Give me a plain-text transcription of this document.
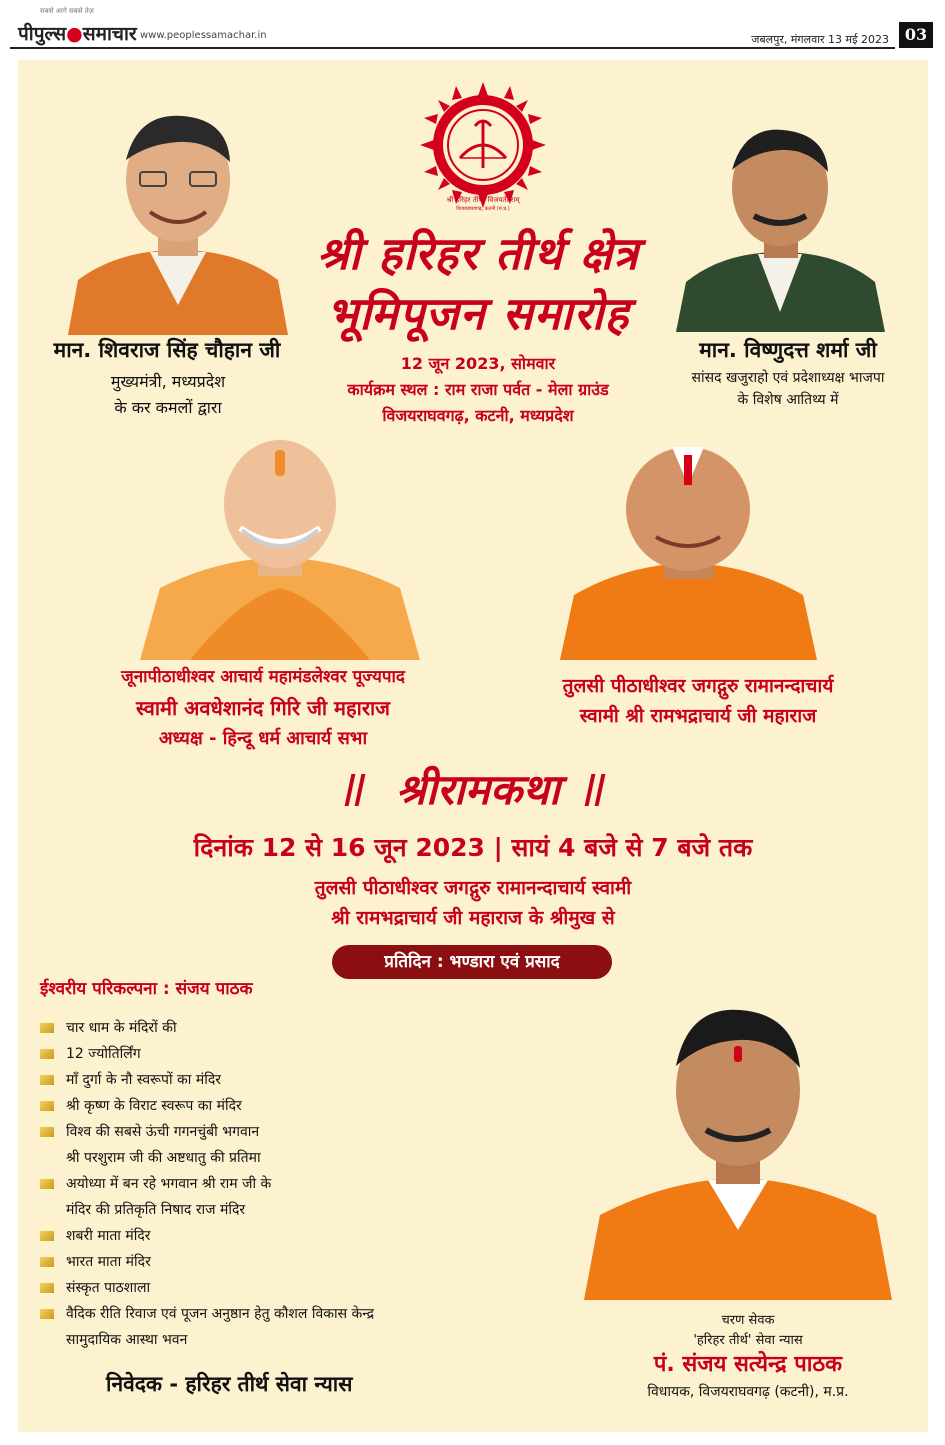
सबसे आगे सबसे तेज़
पीपुल्स●समाचार www.peoplessamachar.in	जबलपुर, मंगलवार 13 मई 2023 03
श्री हरिहर तीर्थ: विजयतेतराम्
विजयराघवगढ़, कटनी (म.प्र.)
श्री हरिहर तीर्थ क्षेत्र
भूमिपूजन समारोह
12 जून 2023, सोमवार
कार्यक्रम स्थल : राम राजा पर्वत - मेला ग्राउंड
विजयराघवगढ़, कटनी, मध्यप्रदेश
मान. शिवराज सिंह चौहान जी
मुख्यमंत्री, मध्यप्रदेश
के कर कमलों द्वारा
मान. विष्णुदत्त शर्मा जी
सांसद खजुराहो एवं प्रदेशाध्यक्ष भाजपा
के विशेष आतिथ्य में
जूनापीठाधीश्वर आचार्य महामंडलेश्वर पूज्यपाद
स्वामी अवधेशानंद गिरि जी महाराज
अध्यक्ष - हिन्दू धर्म आचार्य सभा
तुलसी पीठाधीश्वर जगद्गुरु रामानन्दाचार्य
स्वामी श्री रामभद्राचार्य जी महाराज
श्रीरामकथा
दिनांक 12 से 16 जून 2023 | सायं 4 बजे से 7 बजे तक
तुलसी पीठाधीश्वर जगद्गुरु रामानन्दाचार्य स्वामी
श्री रामभद्राचार्य जी महाराज के श्रीमुख से
प्रतिदिन : भण्डारा एवं प्रसाद
ईश्वरीय परिकल्पना : संजय पाठक
चार धाम के मंदिरों की
12 ज्योतिर्लिंग
माँ दुर्गा के नौ स्वरूपों का मंदिर
श्री कृष्ण के विराट स्वरूप का मंदिर
विश्व की सबसे ऊंची गगनचुंबी भगवान
श्री परशुराम जी की अष्टधातु की प्रतिमा
अयोध्या में बन रहे भगवान श्री राम जी के
मंदिर की प्रतिकृति निषाद राज मंदिर
शबरी माता मंदिर
भारत माता मंदिर
संस्कृत पाठशाला
वैदिक रीति रिवाज एवं पूजन अनुष्ठान हेतु कौशल विकास केन्द्र
सामुदायिक आस्था भवन
निवेदक - हरिहर तीर्थ सेवा न्यास
चरण सेवक
'हरिहर तीर्थ' सेवा न्यास
पं. संजय सत्येन्द्र पाठक
विधायक, विजयराघवगढ़ (कटनी), म.प्र.
